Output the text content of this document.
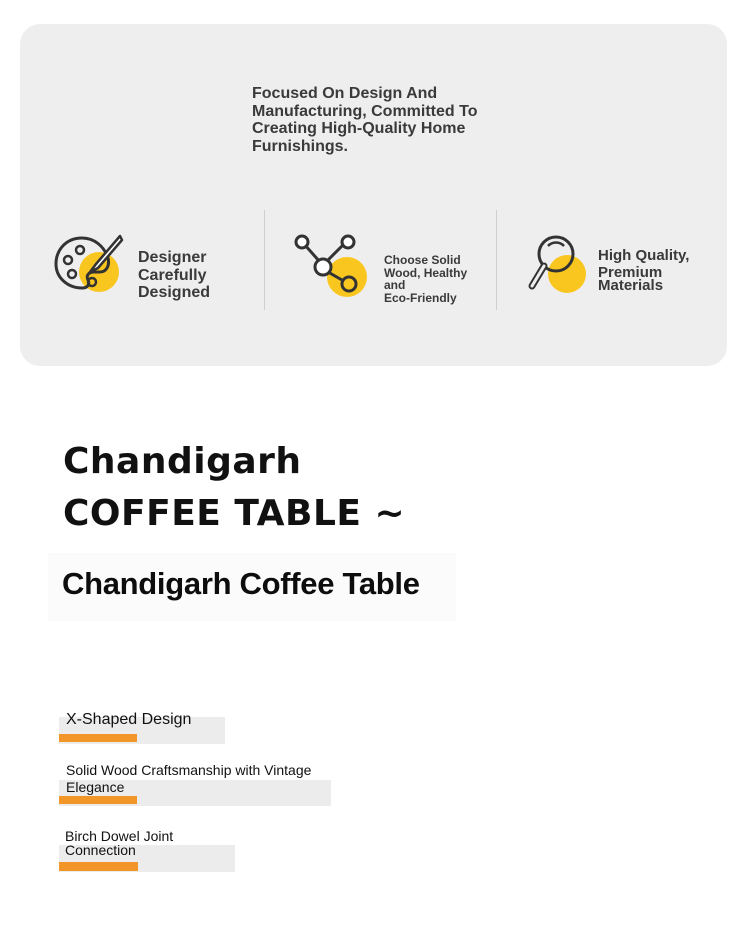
Focused On Design And Manufacturing, Committed To Creating High-Quality Home Furnishings.
Designer
Carefully
Designed
Choose Solid
Wood, Healthy
and
Eco-Friendly
High Quality,
Premium
Materials
Chandigarh
COFFEE TABLE ~
Chandigarh Coffee Table
X-Shaped Design
Solid Wood Craftsmanship with Vintage
Elegance
Birch Dowel Joint
Connection
